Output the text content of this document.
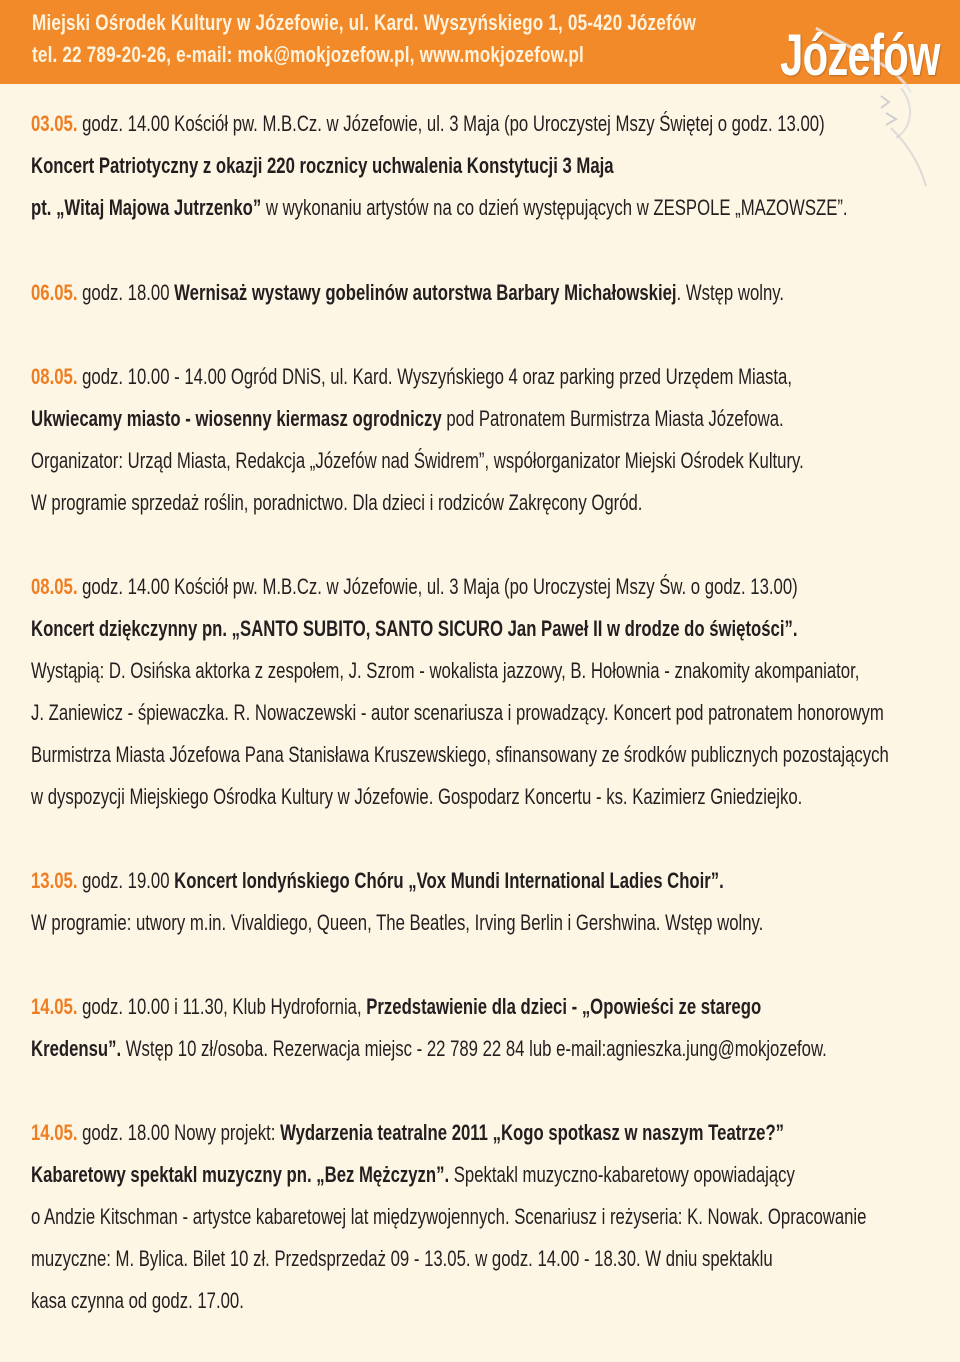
Miejski Ośrodek Kultury w Józefowie, ul. Kard. Wyszyńskiego 1, 05-420 Józefów
tel. 22 789-20-26, e-mail: mok@mokjozefow.pl, www.mokjozefow.pl	Józefów
03.05. godz. 14.00 Kościół pw. M.B.Cz. w Józefowie, ul. 3 Maja (po Uroczystej Mszy Świętej o godz. 13.00)
Koncert Patriotyczny z okazji 220 rocznicy uchwalenia Konstytucji 3 Maja
pt. „Witaj Majowa Jutrzenko” w wykonaniu artystów na co dzień występujących w ZESPOLE „MAZOWSZE”.
06.05. godz. 18.00 Wernisaż wystawy gobelinów autorstwa Barbary Michałowskiej. Wstęp wolny.
08.05. godz. 10.00 - 14.00 Ogród DNiS, ul. Kard. Wyszyńskiego 4 oraz parking przed Urzędem Miasta,
Ukwiecamy miasto - wiosenny kiermasz ogrodniczy pod Patronatem Burmistrza Miasta Józefowa.
Organizator: Urząd Miasta, Redakcja „Józefów nad Świdrem”, współorganizator Miejski Ośrodek Kultury.
W programie sprzedaż roślin, poradnictwo. Dla dzieci i rodziców Zakręcony Ogród.
08.05. godz. 14.00 Kościół pw. M.B.Cz. w Józefowie, ul. 3 Maja (po Uroczystej Mszy Św. o godz. 13.00)
Koncert dziękczynny pn. „SANTO SUBITO, SANTO SICURO Jan Paweł II w drodze do świętości”.
Wystąpią: D. Osińska aktorka z zespołem, J. Szrom - wokalista jazzowy, B. Hołownia - znakomity akompaniator,
J. Zaniewicz - śpiewaczka. R. Nowaczewski - autor scenariusza i prowadzący. Koncert pod patronatem honorowym
Burmistrza Miasta Józefowa Pana Stanisława Kruszewskiego, sfinansowany ze środków publicznych pozostających
w dyspozycji Miejskiego Ośrodka Kultury w Józefowie. Gospodarz Koncertu - ks. Kazimierz Gniedziejko.
13.05. godz. 19.00 Koncert londyńskiego Chóru „Vox Mundi International Ladies Choir”.
W programie: utwory m.in. Vivaldiego, Queen, The Beatles, Irving Berlin i Gershwina. Wstęp wolny.
14.05. godz. 10.00 i 11.30, Klub Hydrofornia, Przedstawienie dla dzieci - „Opowieści ze starego
Kredensu”. Wstęp 10 zł/osoba. Rezerwacja miejsc - 22 789 22 84 lub e-mail:agnieszka.jung@mokjozefow.
14.05. godz. 18.00 Nowy projekt: Wydarzenia teatralne 2011 „Kogo spotkasz w naszym Teatrze?”
Kabaretowy spektakl muzyczny pn. „Bez Mężczyzn”. Spektakl muzyczno-kabaretowy opowiadający
o Andzie Kitschman - artystce kabaretowej lat międzywojennych. Scenariusz i reżyseria: K. Nowak. Opracowanie
muzyczne: M. Bylica. Bilet 10 zł. Przedsprzedaż 09 - 13.05. w godz. 14.00 - 18.30. W dniu spektaklu
kasa czynna od godz. 17.00.
